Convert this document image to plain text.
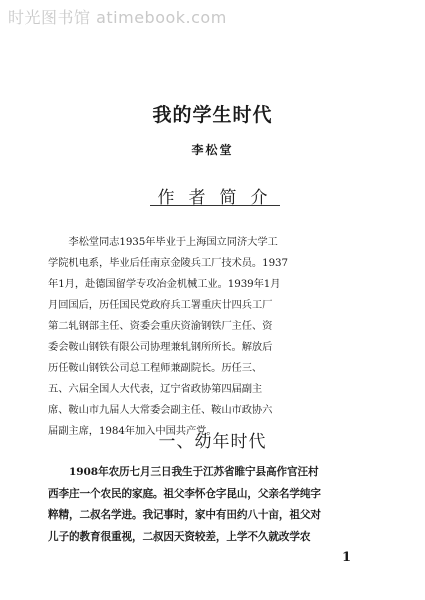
时光图书馆 atimebook.com
我的学生时代
李松堂
作者简介
　　李松堂同志1935年毕业于上海国立同济大学工
学院机电系，毕业后任南京金陵兵工厂技术员。1937
年1月，赴德国留学专攻冶金机械工业。1939年1月
月回国后，历任国民党政府兵工署重庆廿四兵工厂
第二轧钢部主任、资委会重庆资渝钢铁厂主任、资
委会鞍山钢铁有限公司协理兼轧钢所所长。解放后
历任鞍山钢铁公司总工程师兼副院长。历任三、
五、六届全国人大代表，辽宁省政协第四届副主
席、鞍山市九届人大常委会副主任、鞍山市政协六
届副主席，1984年加入中国共产党。
一、幼年时代
　　1908年农历七月三日我生于江苏省睢宁县高作官汪村
西李庄一个农民的家庭。祖父李怀仓字昆山，父亲名学纯字
粹精，二叔名学进。我记事时，家中有田约八十亩，祖父对
儿子的教育很重视，二叔因天资较差，上学不久就改学农
1
